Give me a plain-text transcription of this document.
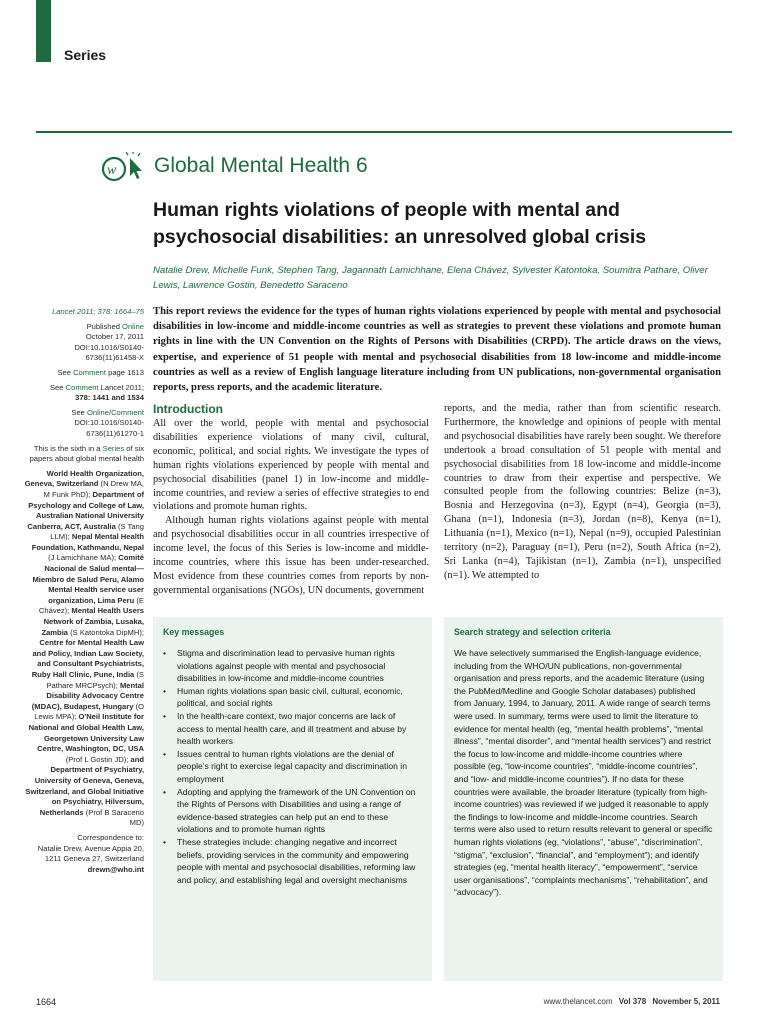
Series
w Global Mental Health 6
Human rights violations of people with mental and psychosocial disabilities: an unresolved global crisis
Natalie Drew, Michelle Funk, Stephen Tang, Jagannath Lamichhane, Elena Chávez, Sylvester Katontoka, Soumitra Pathare, Oliver Lewis, Lawrence Gostin, Benedetto Saraceno
Lancet 2011; 378: 1664–75
Published Online
October 17, 2011
DOI:10.1016/S0140-
6736(11)61458-X
See Comment page 1613
See Comment Lancet 2011;
378: 1441 and 1534
See Online/Comment
DOI:10.1016/S0140-
6736(11)61270-1
This is the sixth in a Series of six papers about global mental health
World Health Organization, Geneva, Switzerland (N Drew MA, M Funk PhD); Department of Psychology and College of Law, Australian National University Canberra, ACT, Australia (S Tang LLM); Nepal Mental Health Foundation, Kathmandu, Nepal (J Lamichhane MA); Comité Nacional de Salud mental—Miembro de Salud Peru, Alamo Mental Health service user organization, Lima Peru (E Chávez); Mental Health Users Network of Zambia, Lusaka, Zambia (S Katontoka DipMH); Centre for Mental Health Law and Policy, Indian Law Society, and Consultant Psychiatrists, Ruby Hall Clinic, Pune, India (S Pathare MRCPsych); Mental Disability Advocacy Centre (MDAC), Budapest, Hungary (O Lewis MPA); O'Neil Institute for National and Global Health Law, Georgetown University Law Centre, Washington, DC, USA (Prof L Gostin JD); and Department of Psychiatry, University of Geneva, Geneva, Switzerland, and Global Initiative on Psychiatry, Hilversum, Netherlands (Prof B Saraceno MD)
Correspondence to:
Natalie Drew, Avenue Appia 20,
1211 Geneva 27, Switzerland
drewn@who.int

This report reviews the evidence for the types of human rights violations experienced by people with mental and psychosocial disabilities in low-income and middle-income countries as well as strategies to prevent these violations and promote human rights in line with the UN Convention on the Rights of Persons with Disabilities (CRPD). The article draws on the views, expertise, and experience of 51 people with mental and psychosocial disabilities from 18 low-income and middle-income countries as well as a review of English language literature including from UN publications, non-governmental organisation reports, press reports, and the academic literature.

Introduction

All over the world, people with mental and psychosocial disabilities experience violations of many civil, cultural, economic, political, and social rights. We investigate the types of human rights violations experienced by people with mental and psychosocial disabilities (panel 1) in low-income and middle-income countries, and review a series of effective strategies to end violations and promote human rights.

Although human rights violations against people with mental and psychosocial disabilities occur in all countries irrespective of income level, the focus of this Series is low-income and middle-income countries, where this issue has been under-researched. Most evidence from these countries comes from reports by non-governmental organisations (NGOs), UN documents, government

reports, and the media, rather than from scientific research. Furthermore, the knowledge and opinions of people with mental and psychosocial disabilities have rarely been sought. We therefore undertook a broad consultation of 51 people with mental and psychosocial disabilities from 18 low-income and middle-income countries to draw from their expertise and perspective. We consulted people from the following countries: Belize (n=3), Bosnia and Herzegovina (n=3), Egypt (n=4), Georgia (n=3), Ghana (n=1), Indonesia (n=3), Jordan (n=8), Kenya (n=1), Lithuania (n=1), Mexico (n=1), Nepal (n=9), occupied Palestinian territory (n=2), Paraguay (n=1), Peru (n=2), South Africa (n=2), Sri Lanka (n=4), Tajikistan (n=1), Zambia (n=1), unspecified (n=1). We attempted to

Key messages
• Stigma and discrimination lead to pervasive human rights violations against people with mental and psychosocial disabilities in low-income and middle-income countries
• Human rights violations span basic civil, cultural, economic, political, and social rights
• In the health-care context, two major concerns are lack of access to mental health care, and ill treatment and abuse by health workers
• Issues central to human rights violations are the denial of people's right to exercise legal capacity and discrimination in employment
• Adopting and applying the framework of the UN Convention on the Rights of Persons with Disabilities and using a range of evidence-based strategies can help put an end to these violations and to promote human rights
• These strategies include: changing negative and incorrect beliefs, providing services in the community and empowering people with mental and psychosocial disabilities, reforming law and policy, and establishing legal and oversight mechanisms
Search strategy and selection criteria

We have selectively summarised the English-language evidence, including from the WHO/UN publications, non-governmental organisation and press reports, and the academic literature (using the PubMed/Medline and Google Scholar databases) published from January, 1994, to January, 2011. A wide range of search terms were used. In summary, terms were used to limit the literature to evidence for mental health (eg, “mental health problems”, “mental illness”, “mental disorder”, and “mental health services”) and restrict the focus to low-income and middle-income countries where possible (eg, “low-income countries”, “middle-income countries”, and “low- and middle-income countries”). If no data for these countries were available, the broader literature (typically from high-income countries) was reviewed if we judged it reasonable to apply the findings to low-income and middle-income countries. Search terms were also used to return results relevant to general or specific human rights violations (eg, “violations”, “abuse”, “discrimination”, “stigma”, “exclusion”, “financial”, and “employment”); and identify strategies (eg, “mental health literacy”, “empowerment”, “service user organisations”, “complaints mechanisms”, “rehabilitation”, and “advocacy”).

1664	www.thelancet.com Vol 378 November 5, 2011
